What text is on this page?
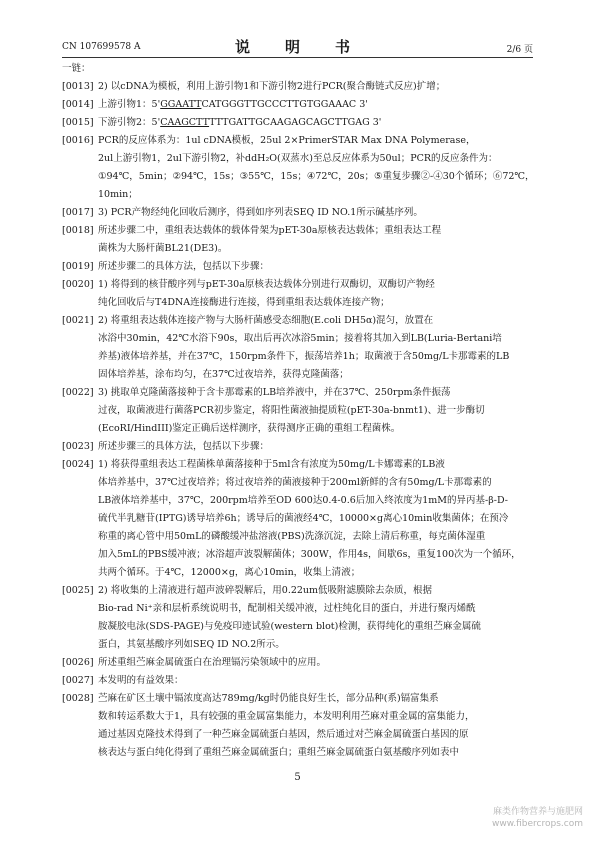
CN 107699578 A	说　明　书	2/6 页
一链：
[0013] 2) 以cDNA为模板，利用上游引物1和下游引物2进行PCR(聚合酶链式反应)扩增；
[0014] 上游引物1：5'GGAATTCATGGGTTGCCCTTGTGGAAAC 3'
[0015] 下游引物2：5'CAAGCTTTTTGATTGCAAGAGCAGCTTGAG 3'
[0016] PCR的反应体系为：1ul cDNA模板，25ul 2×PrimerSTAR Max DNA Polymerase，
2ul上游引物1，2ul下游引物2，补ddH₂O(双蒸水)至总反应体系为50ul；PCR的反应条件为：
①94℃，5min；②94℃，15s；③55℃，15s；④72℃，20s；⑤重复步骤②-④30个循环；⑥72℃，
10min；
[0017] 3) PCR产物经纯化回收后测序，得到如序列表SEQ ID NO.1所示碱基序列。
[0018] 所述步骤二中，重组表达载体的载体骨架为pET-30a原核表达载体；重组表达工程
菌株为大肠杆菌BL21(DE3)。
[0019] 所述步骤二的具体方法，包括以下步骤：
[0020] 1) 将得到的核苷酸序列与pET-30a原核表达载体分别进行双酶切，双酶切产物经
纯化回收后与T4DNA连接酶进行连接，得到重组表达载体连接产物；
[0021] 2) 将重组表达载体连接产物与大肠杆菌感受态细胞(E.coli DH5α)混匀，放置在
冰浴中30min，42℃水浴下90s，取出后再次冰浴5min；接着将其加入到LB(Luria-Bertani培
养基)液体培养基，并在37℃，150rpm条件下，振荡培养1h；取菌液于含50mg/L卡那霉素的LB
固体培养基，涂布均匀，在37℃过夜培养，获得克隆菌落；
[0022] 3) 挑取单克隆菌落接种于含卡那霉素的LB培养液中，并在37℃、250rpm条件振荡
过夜，取菌液进行菌落PCR初步鉴定，将阳性菌液抽提质粒(pET-30a-bnmt1)、进一步酶切
(EcoRI/HindIII)鉴定正确后送样测序，获得测序正确的重组工程菌株。
[0023] 所述步骤三的具体方法，包括以下步骤：
[0024] 1) 将获得重组表达工程菌株单菌落接种于5ml含有浓度为50mg/L卡娜霉素的LB液
体培养基中，37℃过夜培养；将过夜培养的菌液接种于200ml新鲜的含有50mg/L卡那霉素的
LB液体培养基中，37℃，200rpm培养至OD 600达0.4-0.6后加入终浓度为1mM的异丙基-β-D-
硫代半乳糖苷(IPTG)诱导培养6h；诱导后的菌液经4℃，10000×g离心10min收集菌体；在预冷
称重的离心管中用50mL的磷酸缓冲盐溶液(PBS)洗涤沉淀，去除上清后称重，每克菌体湿重
加入5mL的PBS缓冲液；冰浴超声波裂解菌体；300W，作用4s，间歇6s，重复100次为一个循环，
共两个循环。于4℃，12000×g，离心10min，收集上清液；
[0025] 2) 将收集的上清液进行超声波碎裂解后，用0.22um低吸附滤膜除去杂质，根据
Bio-rad Ni⁺亲和层析系统说明书，配制相关缓冲液，过柱纯化目的蛋白，并进行聚丙烯酰
胺凝胶电泳(SDS-PAGE)与免疫印迹试验(western blot)检测，获得纯化的重组苎麻金属硫
蛋白，其氨基酸序列如SEQ ID NO.2所示。
[0026] 所述重组苎麻金属硫蛋白在治理镉污染领域中的应用。
[0027] 本发明的有益效果：
[0028] 苎麻在矿区土壤中镉浓度高达789mg/kg时仍能良好生长，部分品种(系)镉富集系
数和转运系数大于1，具有较强的重金属富集能力，本发明利用苎麻对重金属的富集能力，
通过基因克隆技术得到了一种苎麻金属硫蛋白基因，然后通过对苎麻金属硫蛋白基因的原
核表达与蛋白纯化得到了重组苎麻金属硫蛋白；重组苎麻金属硫蛋白氨基酸序列如表中
5
麻类作物营养与施肥网
www.fibercrops.com
